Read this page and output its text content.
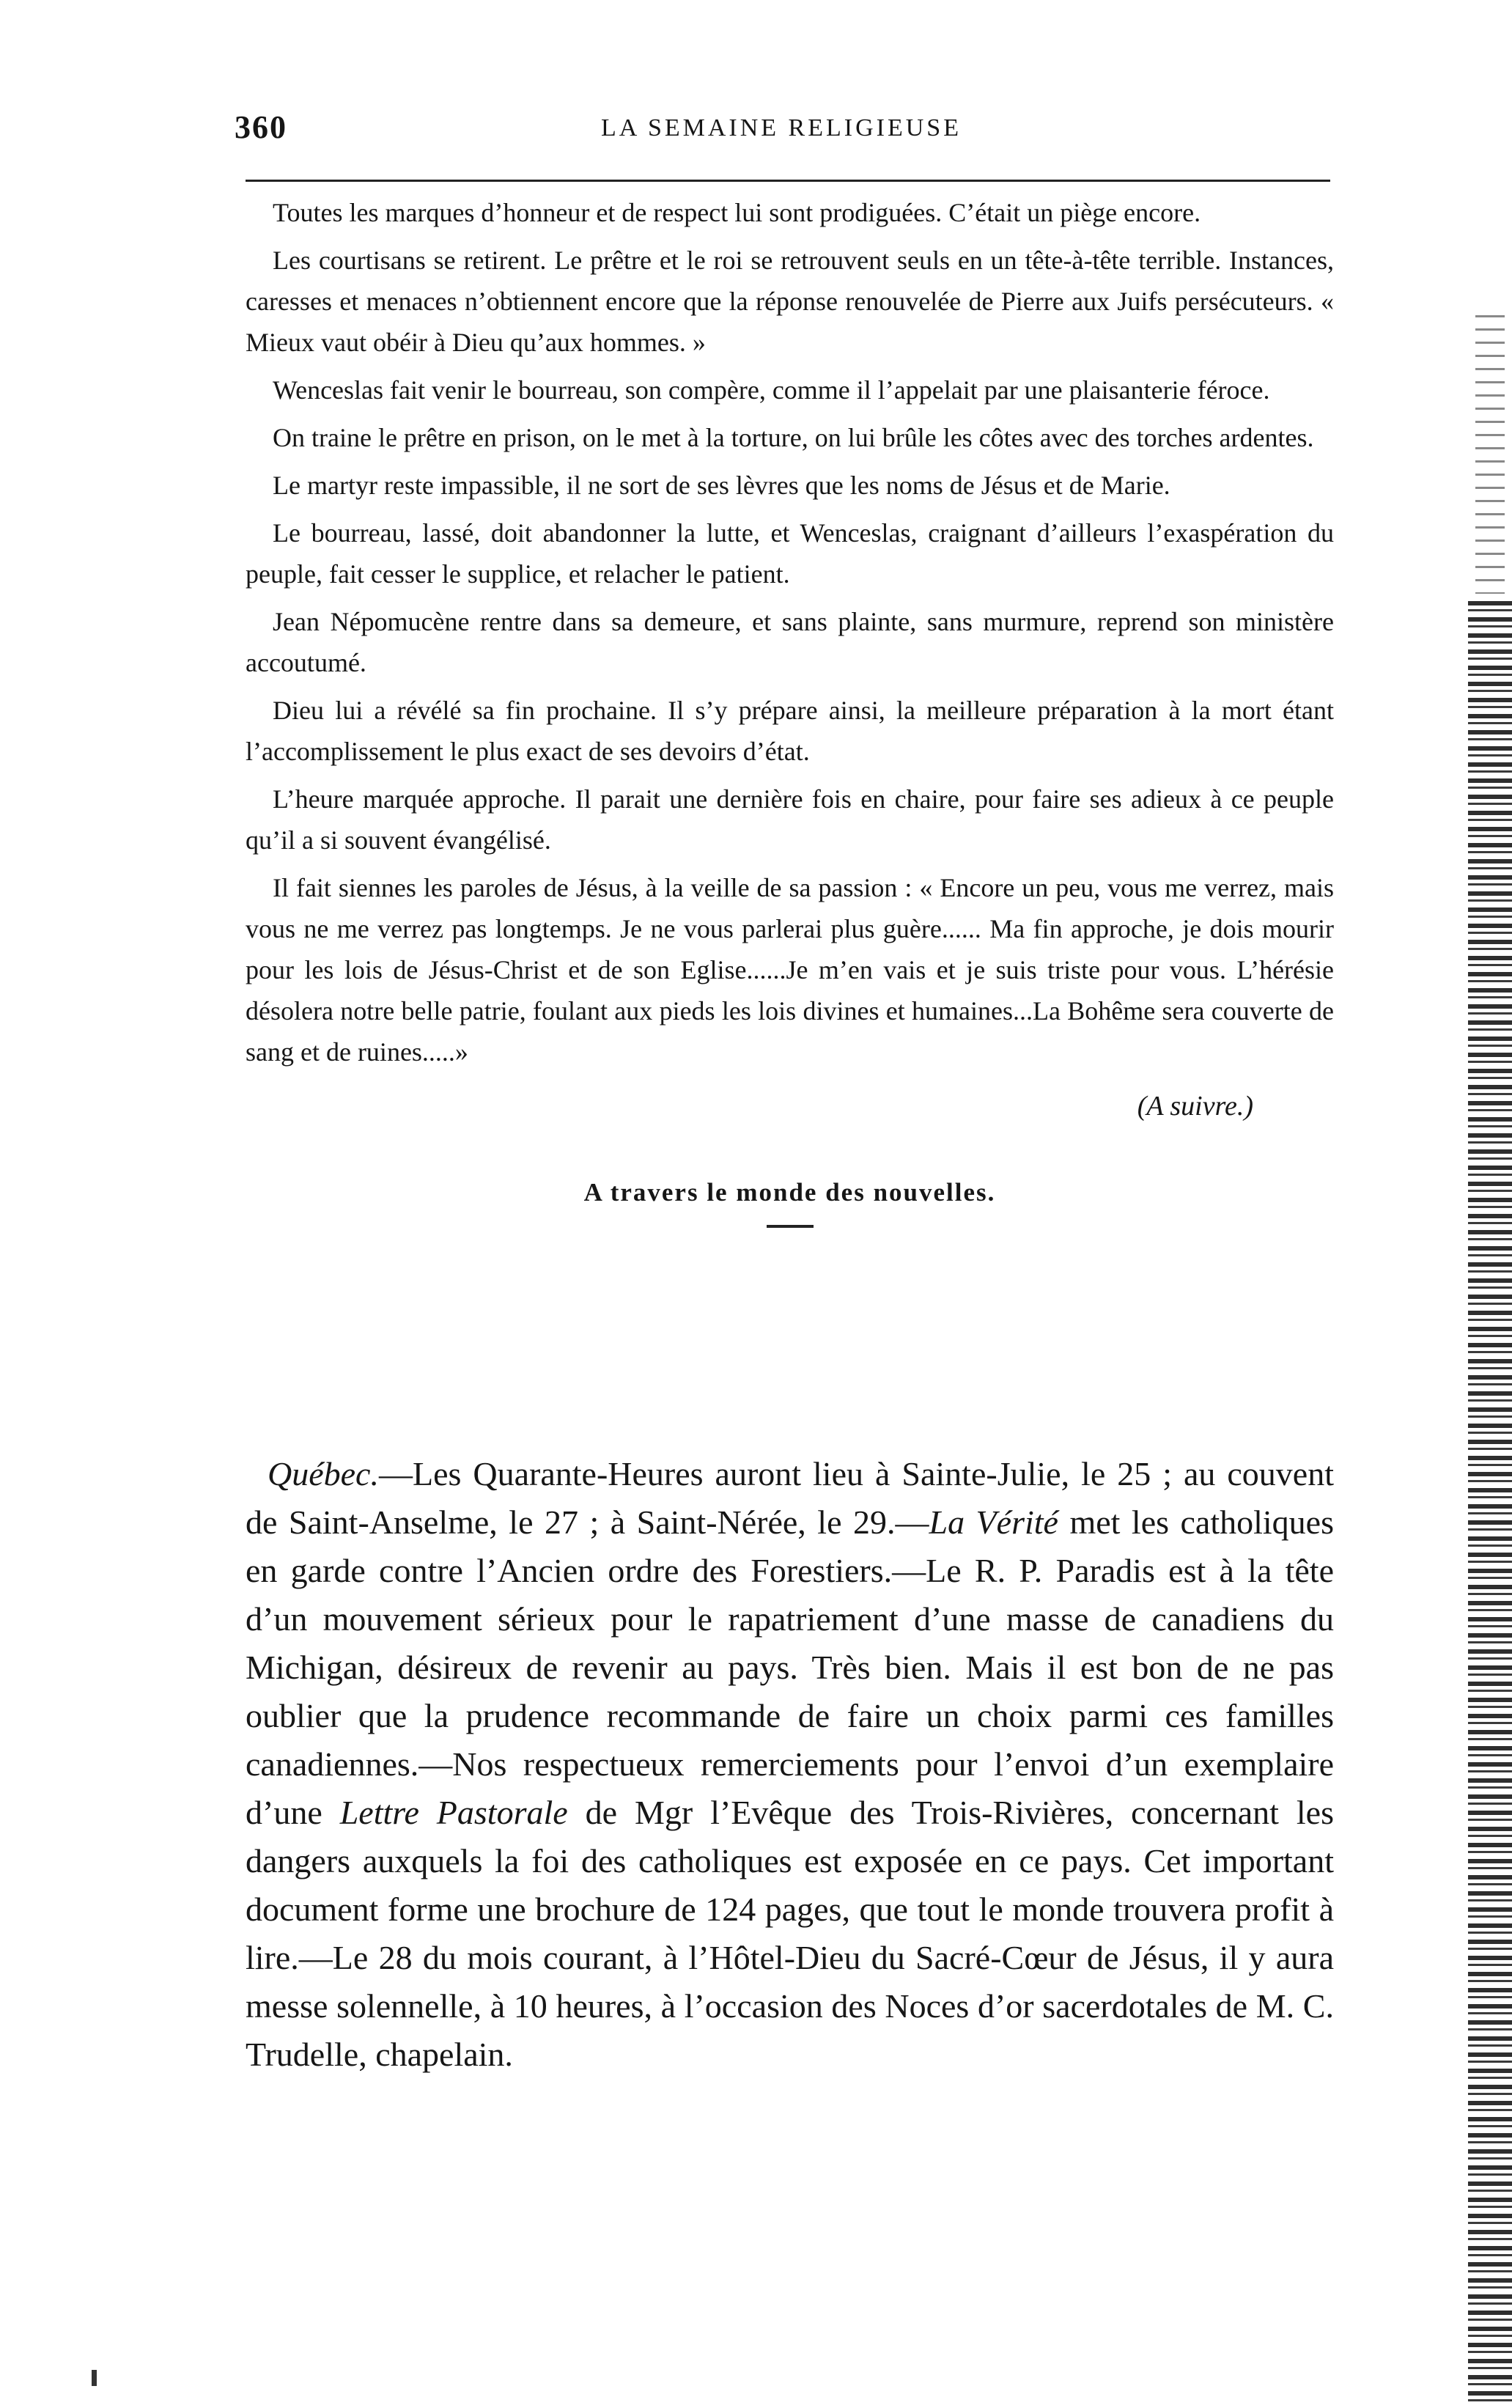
360	LA SEMAINE RELIGIEUSE

Toutes les marques d’honneur et de respect lui sont prodiguées. C’était un piège encore.

Les courtisans se retirent. Le prêtre et le roi se retrouvent seuls en un tête-à-tête terrible. Instances, caresses et menaces n’obtiennent encore que la réponse renouvelée de Pierre aux Juifs persécuteurs. « Mieux vaut obéir à Dieu qu’aux hommes. »

Wenceslas fait venir le bourreau, son compère, comme il l’appelait par une plaisanterie féroce.

On traine le prêtre en prison, on le met à la torture, on lui brûle les côtes avec des torches ardentes.

Le martyr reste impassible, il ne sort de ses lèvres que les noms de Jésus et de Marie.

Le bourreau, lassé, doit abandonner la lutte, et Wenceslas, craignant d’ailleurs l’exaspération du peuple, fait cesser le supplice, et relacher le patient.

Jean Népomucène rentre dans sa demeure, et sans plainte, sans murmure, reprend son ministère accoutumé.

Dieu lui a révélé sa fin prochaine. Il s’y prépare ainsi, la meilleure préparation à la mort étant l’accomplissement le plus exact de ses devoirs d’état.

L’heure marquée approche. Il parait une dernière fois en chaire, pour faire ses adieux à ce peuple qu’il a si souvent évangélisé.

Il fait siennes les paroles de Jésus, à la veille de sa passion : « Encore un peu, vous me verrez, mais vous ne me verrez pas longtemps. Je ne vous parlerai plus guère...... Ma fin approche, je dois mourir pour les lois de Jésus-Christ et de son Eglise......Je m’en vais et je suis triste pour vous. L’hérésie désolera notre belle patrie, foulant aux pieds les lois divines et humaines...La Bohême sera couverte de sang et de ruines.....»

(A suivre.)
A travers le monde des nouvelles.

Québec.—Les Quarante-Heures auront lieu à Sainte-Julie, le 25 ; au couvent de Saint-Anselme, le 27 ; à Saint-Nérée, le 29.—La Vérité met les catholiques en garde contre l’Ancien ordre des Forestiers.—Le R. P. Paradis est à la tête d’un mouvement sérieux pour le rapatriement d’une masse de canadiens du Michigan, désireux de revenir au pays. Très bien. Mais il est bon de ne pas oublier que la prudence recommande de faire un choix parmi ces familles canadiennes.—Nos respectueux remerciements pour l’envoi d’un exemplaire d’une Lettre Pastorale de Mgr l’Evêque des Trois-Rivières, concernant les dangers auxquels la foi des catholiques est exposée en ce pays. Cet important document forme une brochure de 124 pages, que tout le monde trouvera profit à lire.—Le 28 du mois courant, à l’Hôtel-Dieu du Sacré-Cœur de Jésus, il y aura messe solennelle, à 10 heures, à l’occasion des Noces d’or sacerdotales de M. C. Trudelle, chapelain.
